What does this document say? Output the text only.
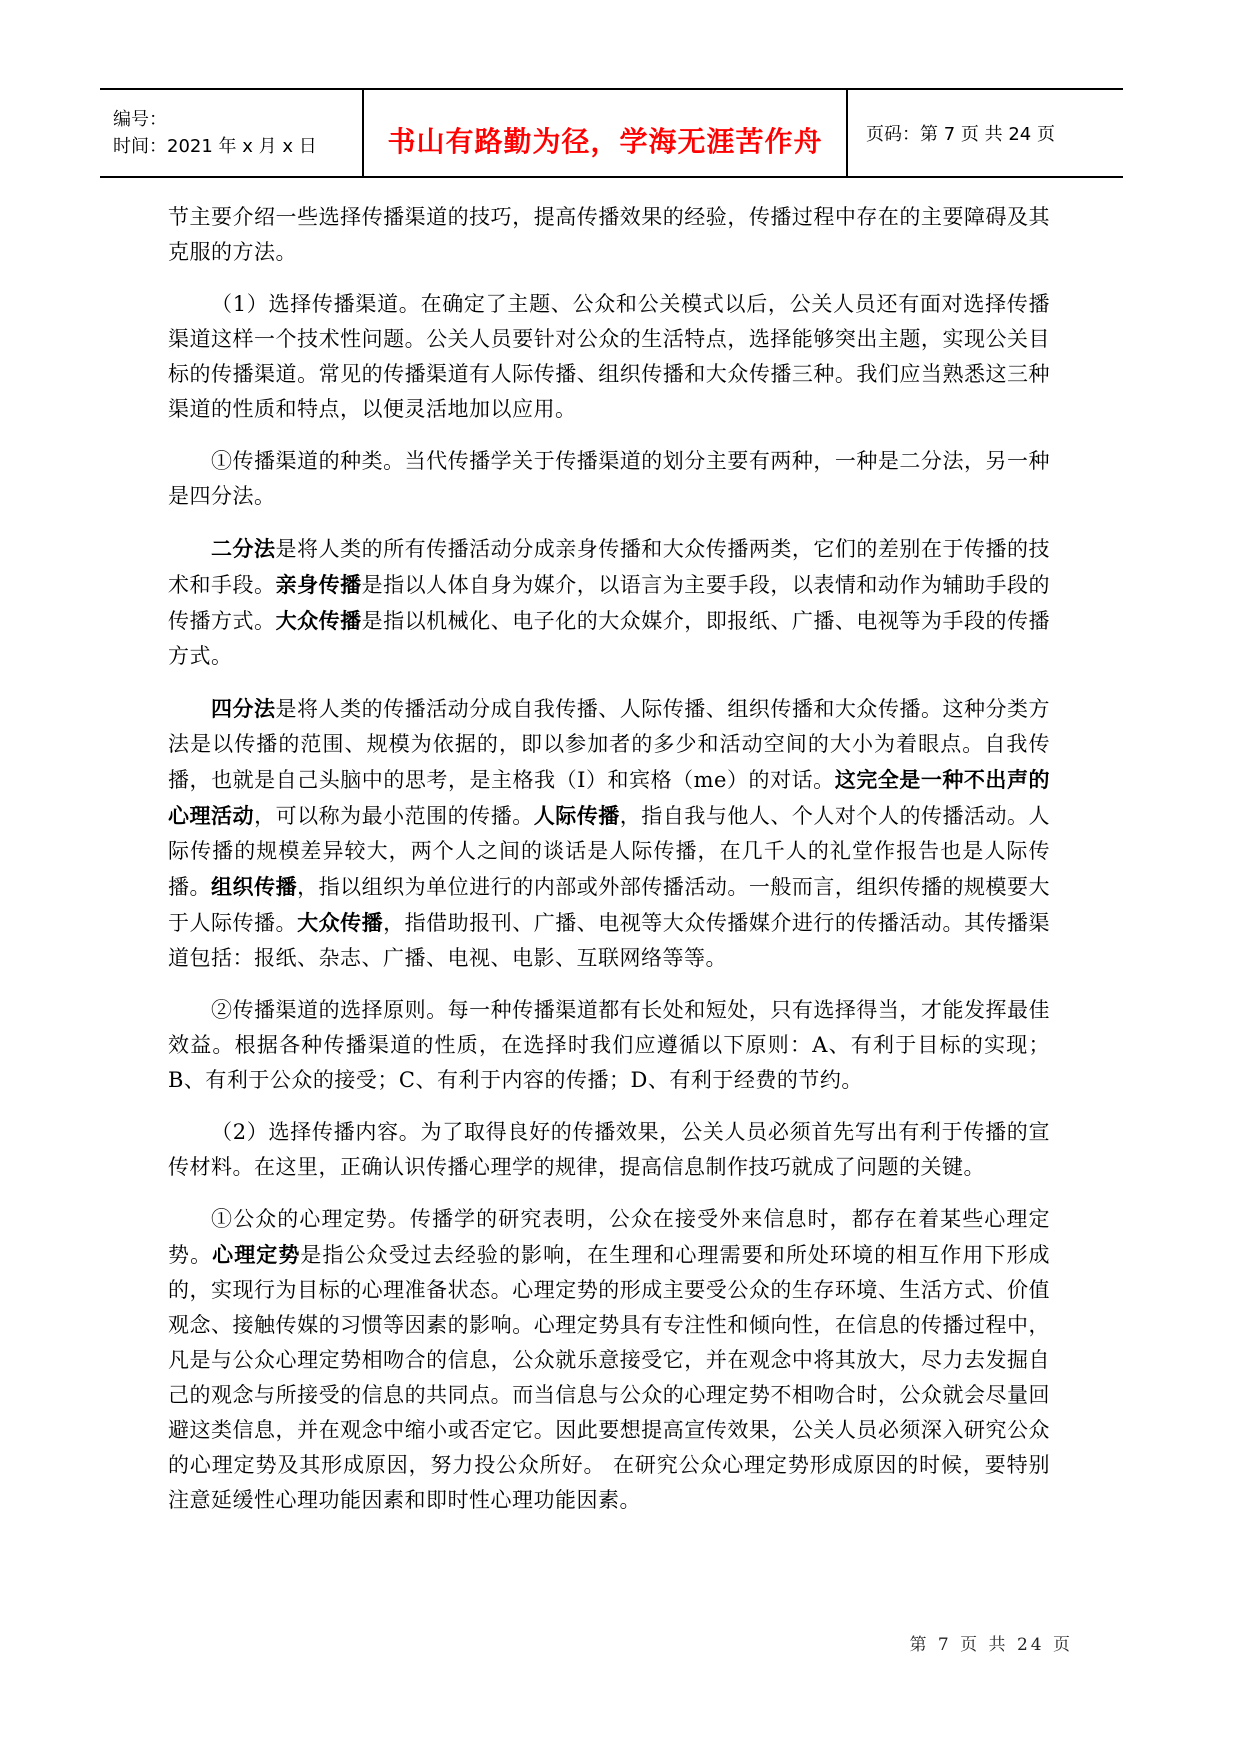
编号：
时间：2021 年 x 月 x 日	书山有路勤为径，学海无涯苦作舟 页码：第 7 页 共 24 页

节主要介绍一些选择传播渠道的技巧，提高传播效果的经验，传播过程中存在的主要障碍及其克服的方法。

（1）选择传播渠道。在确定了主题、公众和公关模式以后，公关人员还有面对选择传播渠道这样一个技术性问题。公关人员要针对公众的生活特点，选择能够突出主题，实现公关目标的传播渠道。常见的传播渠道有人际传播、组织传播和大众传播三种。我们应当熟悉这三种渠道的性质和特点，以便灵活地加以应用。

①传播渠道的种类。当代传播学关于传播渠道的划分主要有两种，一种是二分法，另一种是四分法。

二分法是将人类的所有传播活动分成亲身传播和大众传播两类，它们的差别在于传播的技术和手段。亲身传播是指以人体自身为媒介，以语言为主要手段，以表情和动作为辅助手段的传播方式。大众传播是指以机械化、电子化的大众媒介，即报纸、广播、电视等为手段的传播方式。

四分法是将人类的传播活动分成自我传播、人际传播、组织传播和大众传播。这种分类方法是以传播的范围、规模为依据的，即以参加者的多少和活动空间的大小为着眼点。自我传播，也就是自己头脑中的思考，是主格我（I）和宾格（me）的对话。这完全是一种不出声的心理活动，可以称为最小范围的传播。人际传播，指自我与他人、个人对个人的传播活动。人际传播的规模差异较大，两个人之间的谈话是人际传播，在几千人的礼堂作报告也是人际传播。组织传播，指以组织为单位进行的内部或外部传播活动。一般而言，组织传播的规模要大于人际传播。大众传播，指借助报刊、广播、电视等大众传播媒介进行的传播活动。其传播渠道包括：报纸、杂志、广播、电视、电影、互联网络等等。

②传播渠道的选择原则。每一种传播渠道都有长处和短处，只有选择得当，才能发挥最佳效益。根据各种传播渠道的性质，在选择时我们应遵循以下原则：A、有利于目标的实现；B、有利于公众的接受；C、有利于内容的传播；D、有利于经费的节约。

（2）选择传播内容。为了取得良好的传播效果，公关人员必须首先写出有利于传播的宣传材料。在这里，正确认识传播心理学的规律，提高信息制作技巧就成了问题的关键。

①公众的心理定势。传播学的研究表明，公众在接受外来信息时，都存在着某些心理定势。心理定势是指公众受过去经验的影响，在生理和心理需要和所处环境的相互作用下形成的，实现行为目标的心理准备状态。心理定势的形成主要受公众的生存环境、生活方式、价值观念、接触传媒的习惯等因素的影响。心理定势具有专注性和倾向性，在信息的传播过程中，凡是与公众心理定势相吻合的信息，公众就乐意接受它，并在观念中将其放大，尽力去发掘自己的观念与所接受的信息的共同点。而当信息与公众的心理定势不相吻合时，公众就会尽量回避这类信息，并在观念中缩小或否定它。因此要想提高宣传效果，公关人员必须深入研究公众的心理定势及其形成原因，努力投公众所好。 在研究公众心理定势形成原因的时候，要特别注意延缓性心理功能因素和即时性心理功能因素。

第 7 页 共 24 页
